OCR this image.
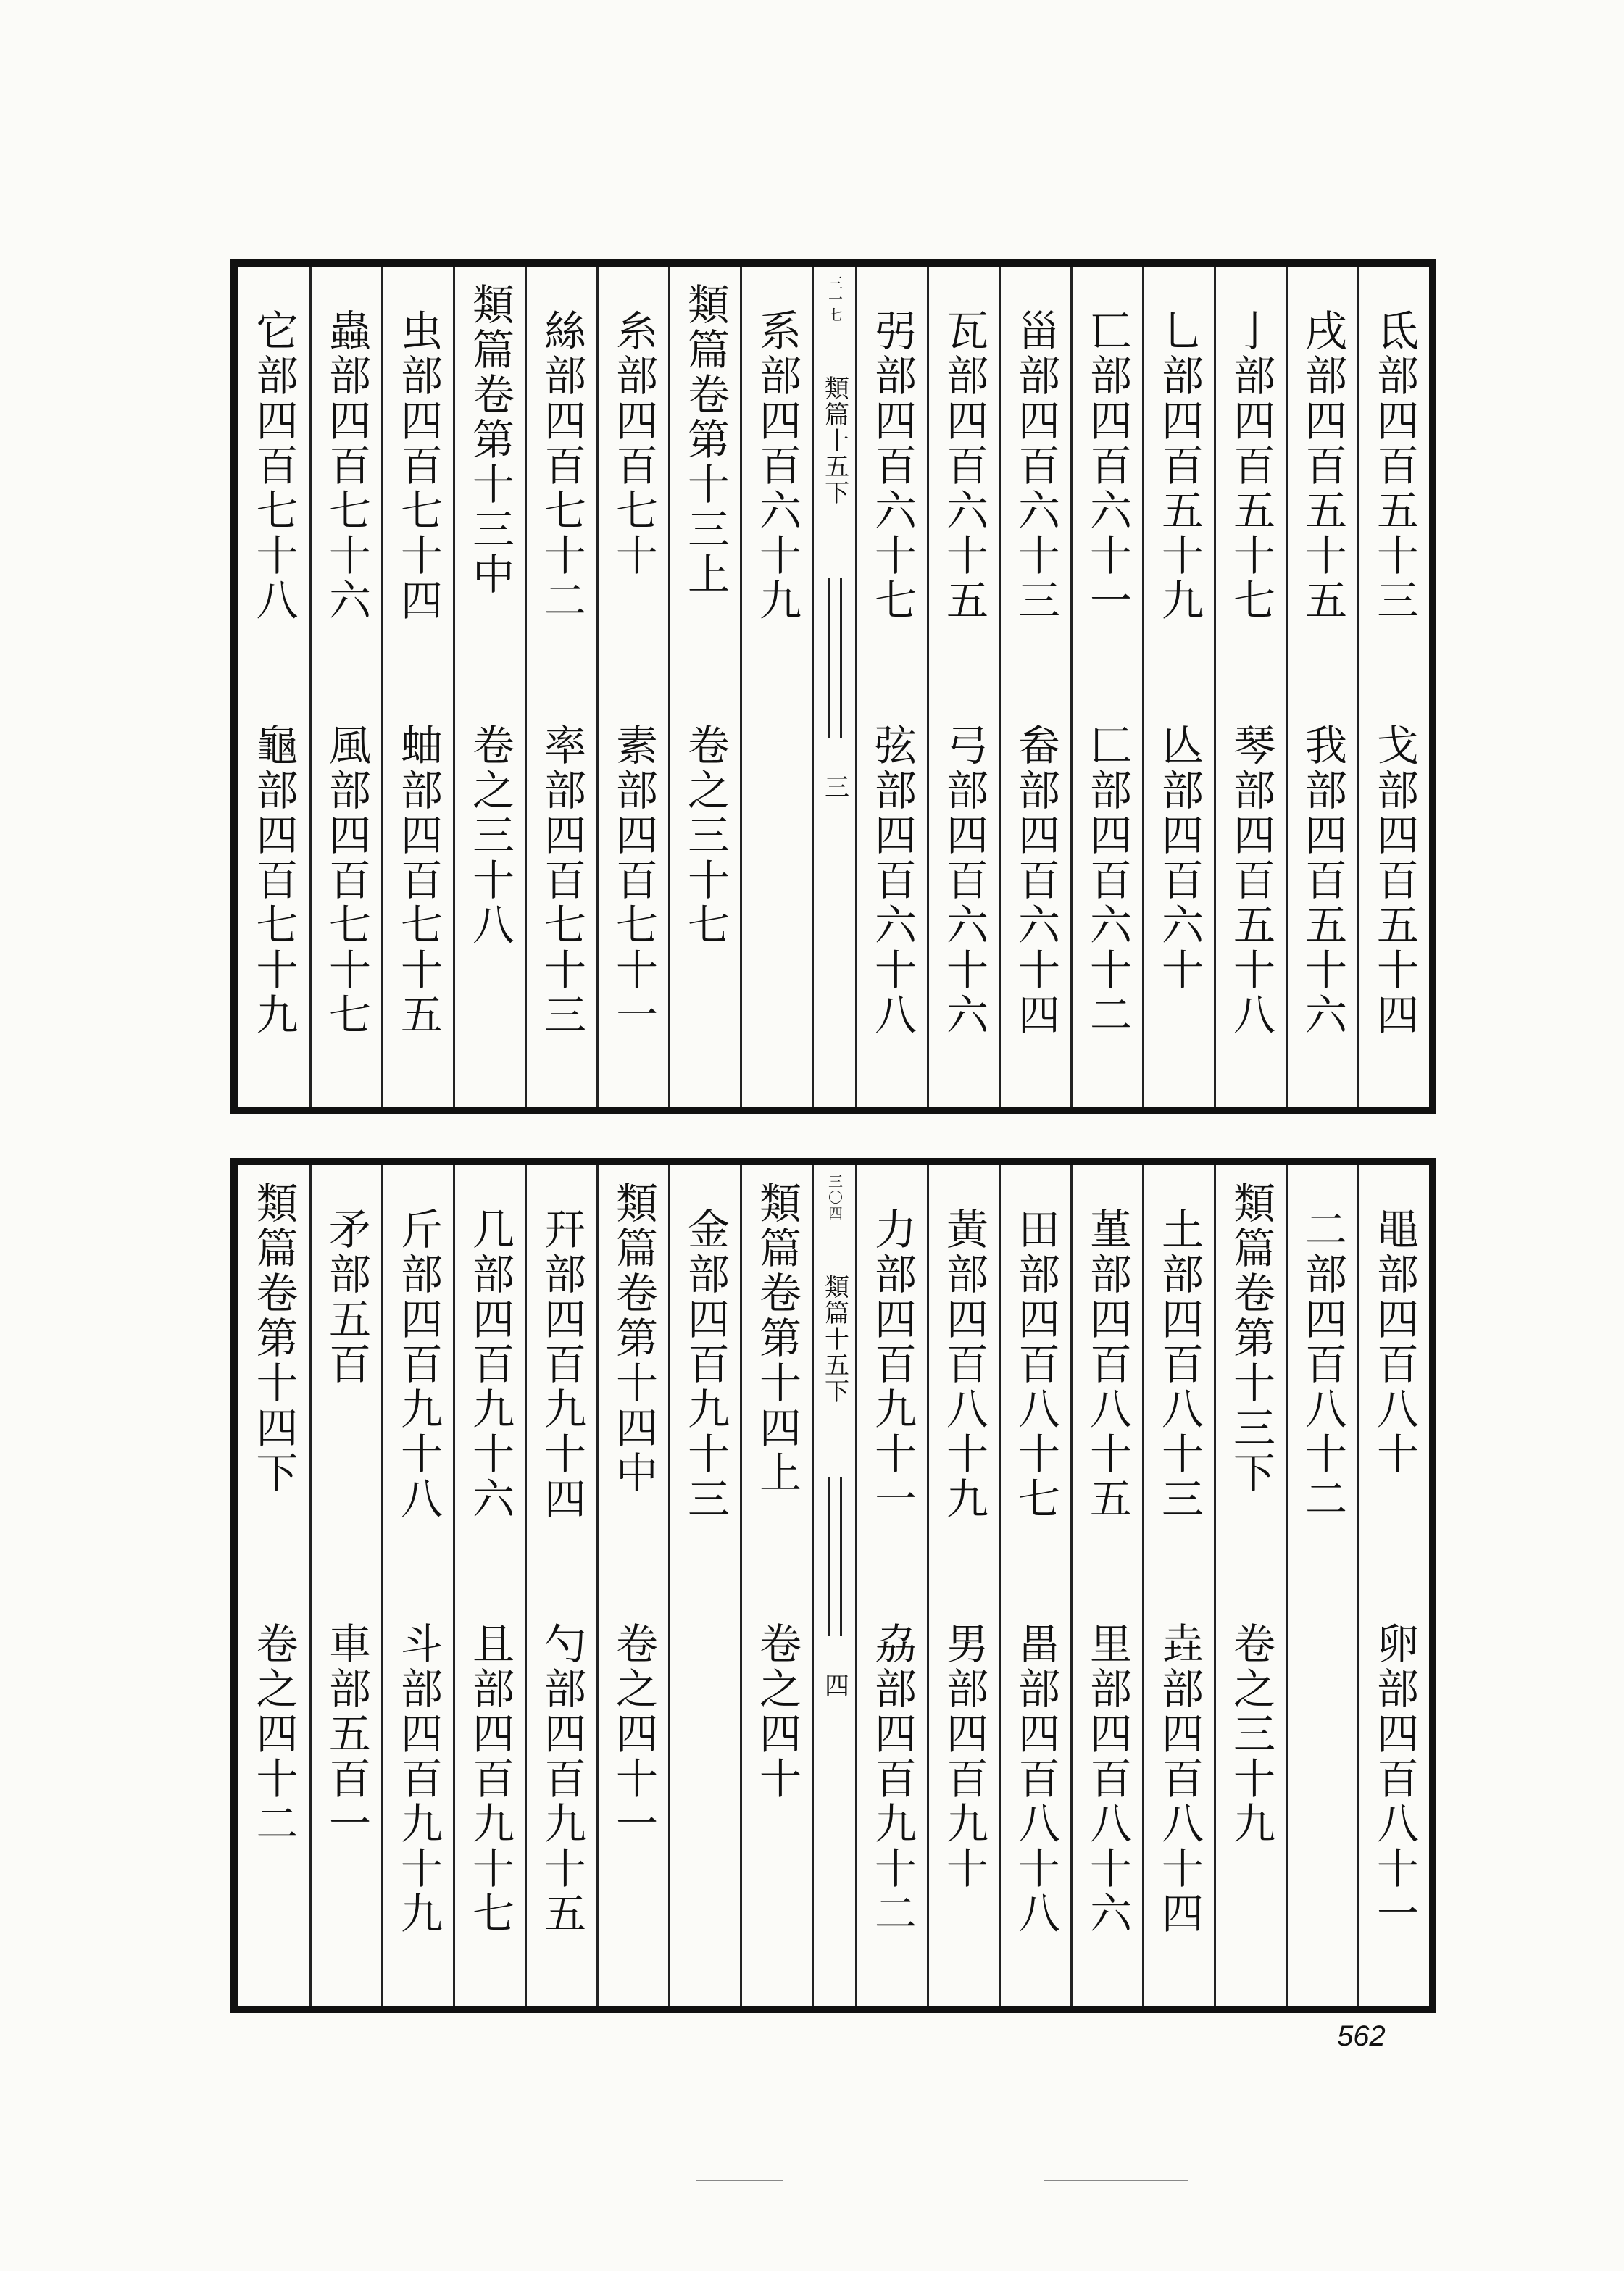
氐部四百五十三
戈部四百五十四
戌部四百五十五
我部四百五十六
亅部四百五十七
琴部四百五十八
乚部四百五十九
亾部四百六十
匸部四百六十一
匚部四百六十二
甾部四百六十三
畚部四百六十四
瓦部四百六十五
弓部四百六十六
弜部四百六十七
弦部四百六十八
三一七
類篇十五下
三
系部四百六十九
類篇卷第十三上
卷之三十七
糸部四百七十
素部四百七十一
絲部四百七十二
率部四百七十三
類篇卷第十三中
卷之三十八
虫部四百七十四
蚰部四百七十五
蟲部四百七十六
風部四百七十七
它部四百七十八
龜部四百七十九
黽部四百八十
卵部四百八十一
二部四百八十二
類篇卷第十三下
卷之三十九
土部四百八十三
垚部四百八十四
堇部四百八十五
里部四百八十六
田部四百八十七
畕部四百八十八
黃部四百八十九
男部四百九十
力部四百九十一
劦部四百九十二
三〇四
類篇十五下
四
類篇卷第十四上
卷之四十
金部四百九十三
類篇卷第十四中
卷之四十一
幵部四百九十四
勺部四百九十五
几部四百九十六
且部四百九十七
斤部四百九十八
斗部四百九十九
矛部五百
車部五百一
類篇卷第十四下
卷之四十二
562
